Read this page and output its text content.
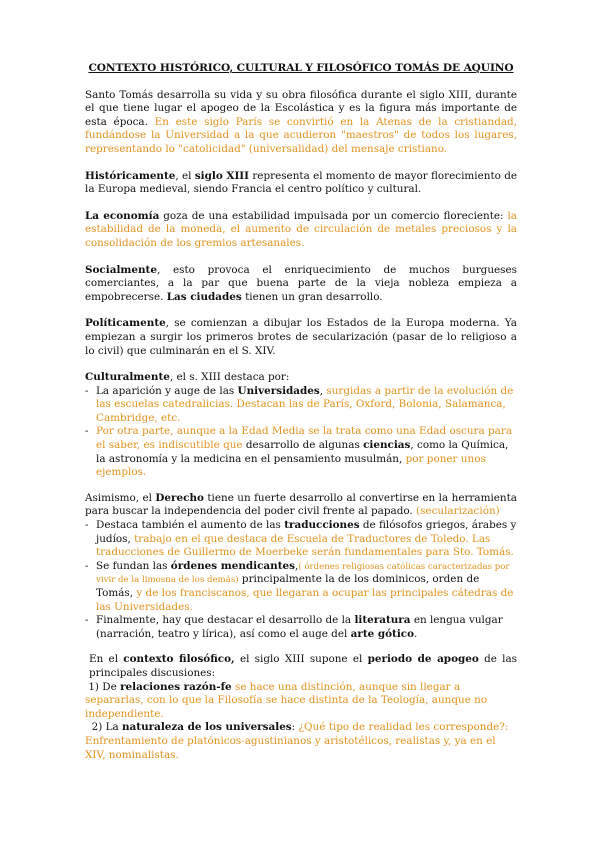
CONTEXTO HISTÓRICO, CULTURAL Y FILOSÓFICO TOMÁS DE AQUINO

Santo Tomás desarrolla su vida y su obra filosófica durante el siglo XIII, durante el que tiene lugar el apogeo de la Escolástica y es la figura más importante de esta época. En este siglo París se convirtió en la Atenas de la cristiandad, fundándose la Universidad a la que acudieron "maestros" de todos los lugares, representando lo "catolicidad" (universalidad) del mensaje cristiano.

Históricamente, el siglo XIII representa el momento de mayor florecimiento de la Europa medieval, siendo Francia el centro político y cultural.

La economía goza de una estabilidad impulsada por un comercio floreciente: la estabilidad de la moneda, el aumento de circulación de metales preciosos y la consolidación de los gremios artesanales.

Socialmente, esto provoca el enriquecimiento de muchos burgueses comerciantes, a la par que buena parte de la vieja nobleza empieza a empobrecerse. Las ciudades tienen un gran desarrollo.

Políticamente, se comienzan a dibujar los Estados de la Europa moderna. Ya empiezan a surgir los primeros brotes de secularización (pasar de lo religioso a lo civil) que culminarán en el S. XIV.

Culturalmente, el s. XIII destaca por:

- La aparición y auge de las Universidades, surgidas a partir de la evolución de las escuelas catedralicias. Destacan las de París, Oxford, Bolonia, Salamanca, Cambridge, etc.
- Por otra parte, aunque a la Edad Media se la trata como una Edad oscura para el saber, es indiscutible que desarrollo de algunas ciencias, como la Química, la astronomía y la medicina en el pensamiento musulmán, por poner unos ejemplos.

Asimismo, el Derecho tiene un fuerte desarrollo al convertirse en la herramienta para buscar la independencia del poder civil frente al papado. (secularización)

- Destaca también el aumento de las traducciones de filósofos griegos, árabes y judíos, trabajo en el que destaca de Escuela de Traductores de Toledo. Las traducciones de Guillermo de Moerbeke serán fundamentales para Sto. Tomás.
- Se fundan las órdenes mendicantes,( órdenes religiosas católicas caracterizadas por vivir de la limosna de los demás) principalmente la de los dominicos, orden de Tomás, y de los franciscanos, que llegaran a ocupar las principales cátedras de las Universidades.
- Finalmente, hay que destacar el desarrollo de la literatura en lengua vulgar (narración, teatro y lírica), así como el auge del arte gótico.

En el contexto filosófico, el siglo XIII supone el periodo de apogeo de las principales discusiones:

1) De relaciones razón-fe se hace una distinción, aunque sin llegar a separarlas, con lo que la Filosofía se hace distinta de la Teología, aunque no independiente.
2) La naturaleza de los universales: ¿Qué tipo de realidad les corresponde?: Enfrentamiento de platónicos-agustinianos y aristotélicos, realistas y, ya en el XIV, nominalistas.
